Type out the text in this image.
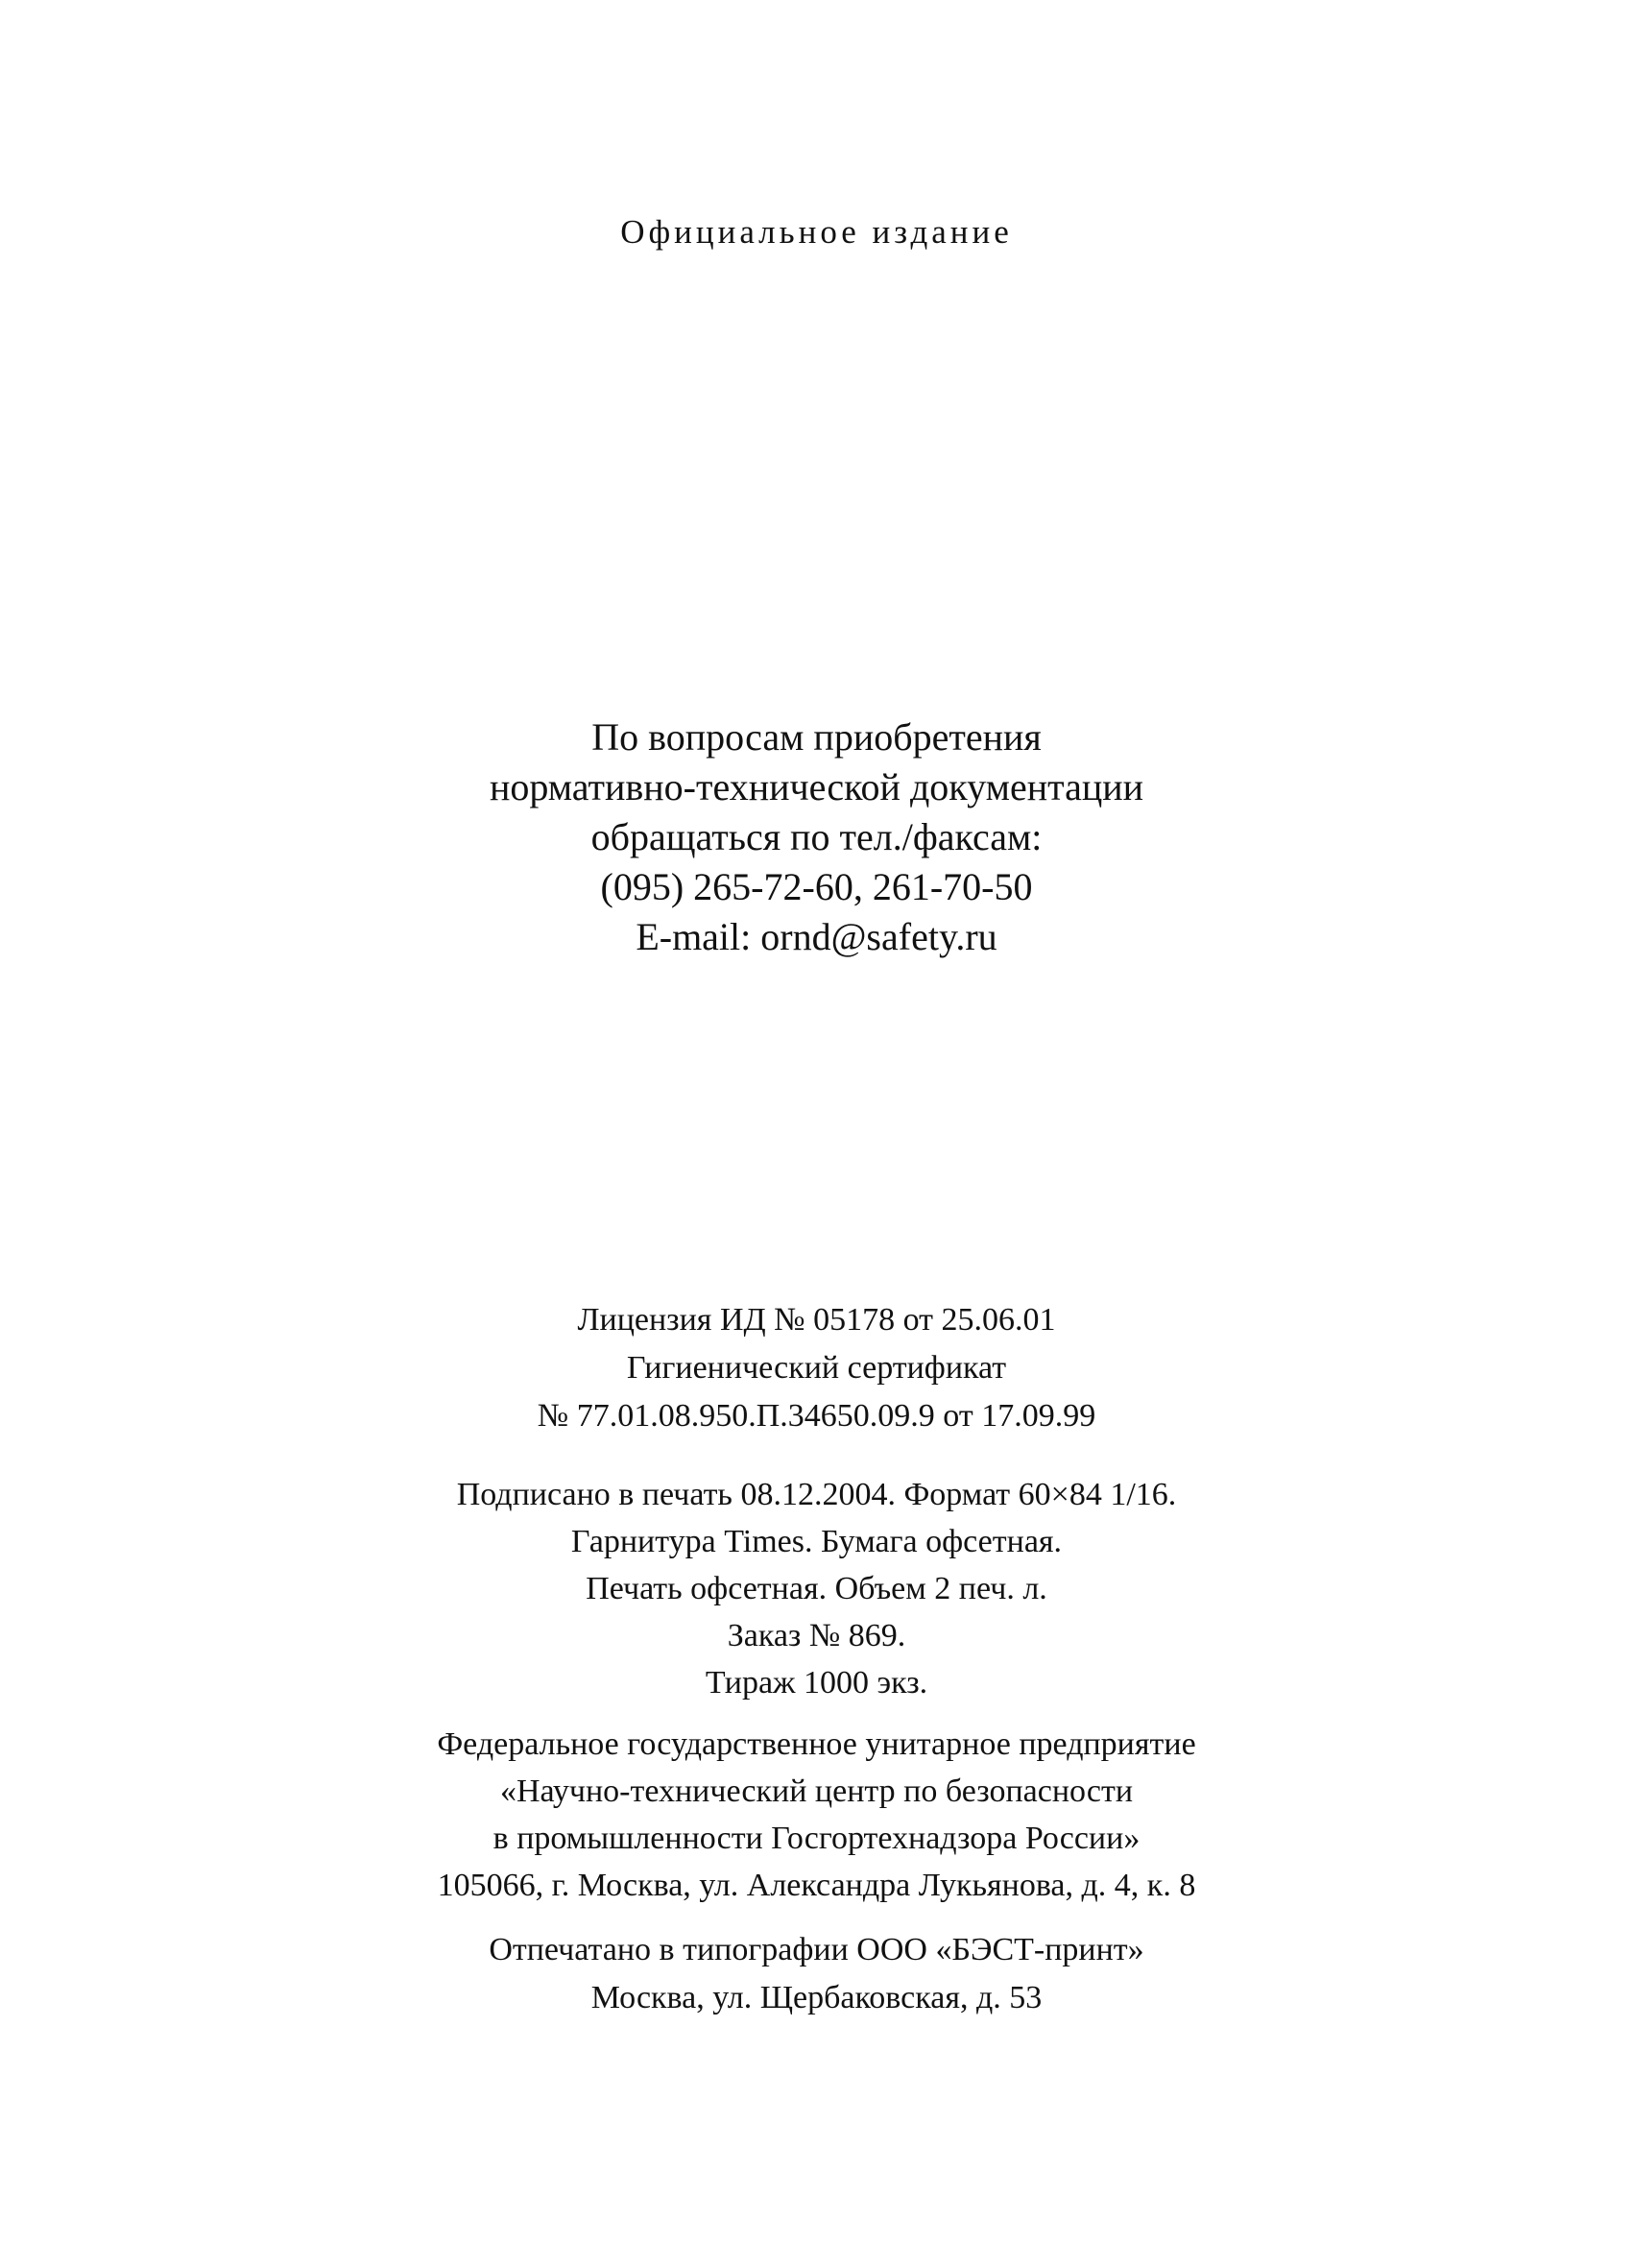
Официальное издание
По вопросам приобретения
нормативно-технической документации
обращаться по тел./факсам:
(095) 265-72-60, 261-70-50
E-mail: ornd@safety.ru
Лицензия ИД № 05178 от 25.06.01
Гигиенический сертификат
№ 77.01.08.950.П.34650.09.9 от 17.09.99
Подписано в печать 08.12.2004. Формат 60×84 1/16.
Гарнитура Times. Бумага офсетная.
Печать офсетная. Объем 2 печ. л.
Заказ № 869.
Тираж 1000 экз.
Федеральное государственное унитарное предприятие
«Научно-технический центр по безопасности
в промышленности Госгортехнадзора России»
105066, г. Москва, ул. Александра Лукьянова, д. 4, к. 8
Отпечатано в типографии ООО «БЭСТ-принт»
Москва, ул. Щербаковская, д. 53
